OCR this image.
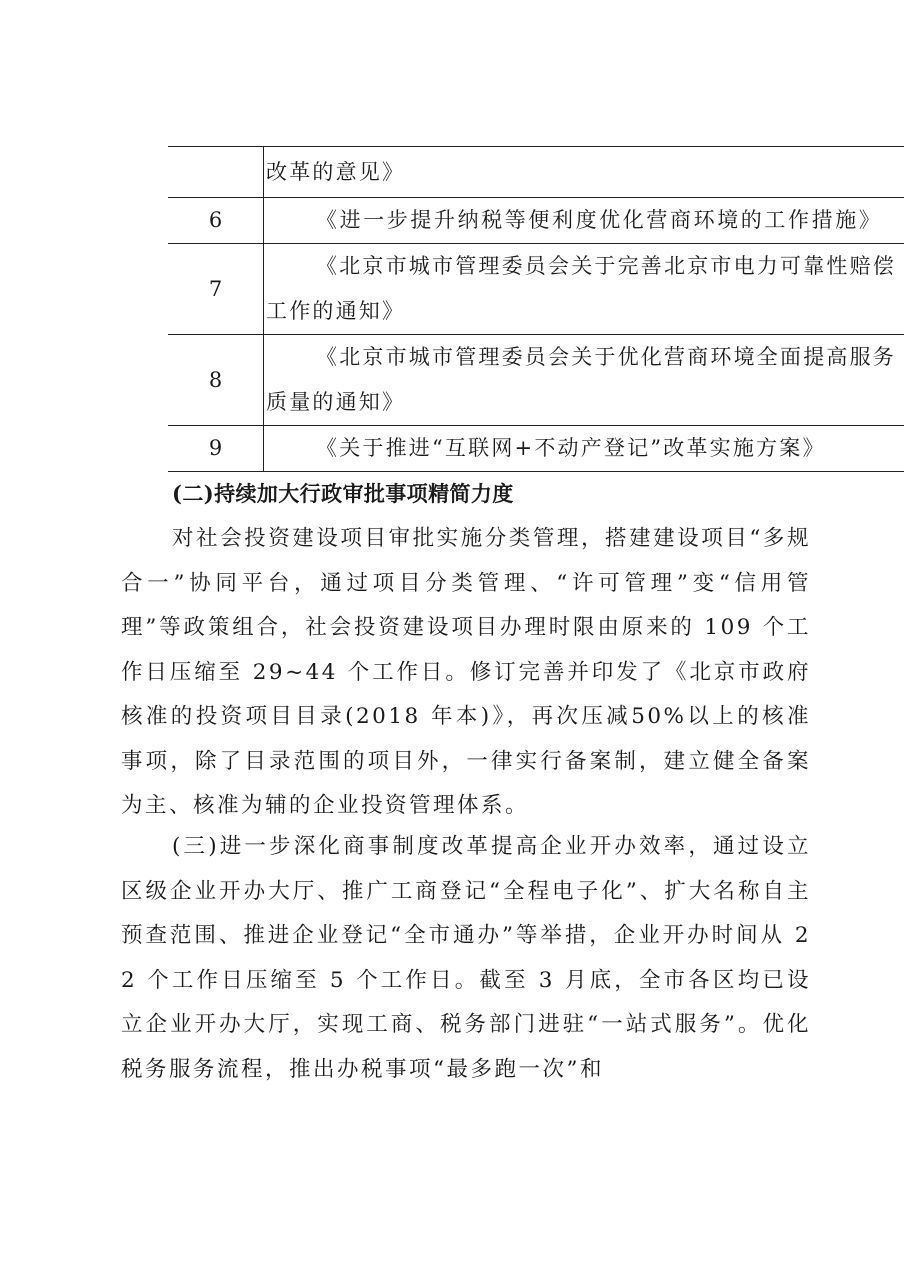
	改革的意见》
6	《进一步提升纳税等便利度优化营商环境的工作措施》
7	《北京市城市管理委员会关于完善北京市电力可靠性赔偿工作的通知》
8	《北京市城市管理委员会关于优化营商环境全面提高服务质量的通知》
9	《关于推进“互联网+不动产登记”改革实施方案》

(二)持续加大行政审批事项精简力度

对社会投资建设项目审批实施分类管理，搭建建设项目“多规合一”协同平台，通过项目分类管理、“许可管理”变“信用管理”等政策组合，社会投资建设项目办理时限由原来的 109 个工作日压缩至 29~44 个工作日。修订完善并印发了《北京市政府核准的投资项目目录(2018 年本)》，再次压减50%以上的核准事项，除了目录范围的项目外，一律实行备案制，建立健全备案为主、核准为辅的企业投资管理体系。

(三)进一步深化商事制度改革提高企业开办效率，通过设立区级企业开办大厅、推广工商登记“全程电子化”、扩大名称自主预查范围、推进企业登记“全市通办”等举措，企业开办时间从 22 个工作日压缩至 5 个工作日。截至 3 月底，全市各区均已设立企业开办大厅，实现工商、税务部门进驻“一站式服务”。优化税务服务流程，推出办税事项“最多跑一次”和
